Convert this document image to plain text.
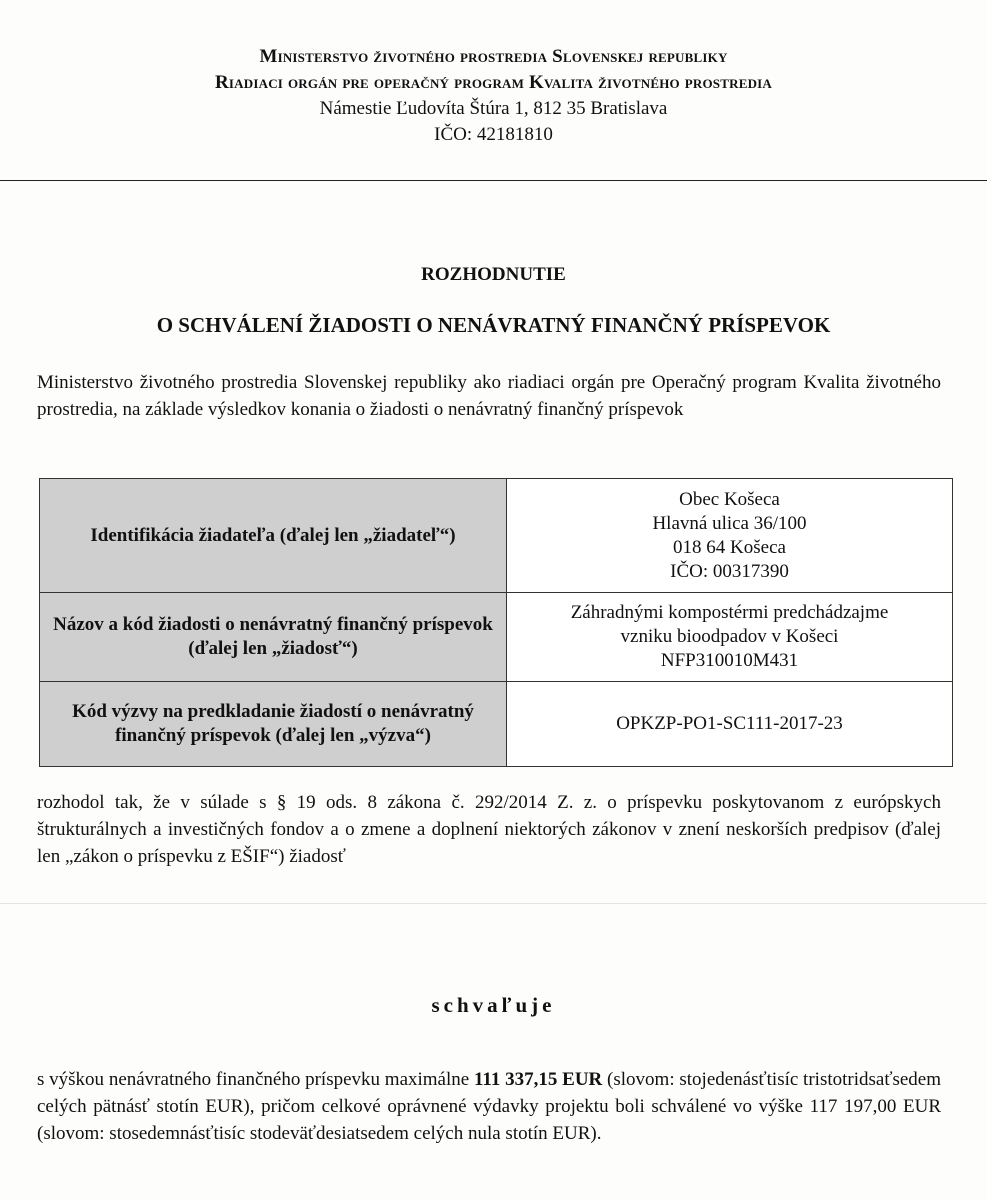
Ministerstvo životného prostredia Slovenskej republiky
Riadiaci orgán pre operačný program Kvalita životného prostredia
Námestie Ľudovíta Štúra 1, 812 35 Bratislava
IČO: 42181810
ROZHODNUTIE
O SCHVÁLENÍ ŽIADOSTI O NENÁVRATNÝ FINANČNÝ PRÍSPEVOK
Ministerstvo životného prostredia Slovenskej republiky ako riadiaci orgán pre Operačný program Kvalita životného prostredia, na základe výsledkov konania o žiadosti o nenávratný finančný príspevok
Identifikácia žiadateľa (ďalej len „žiadateľ“)	Obec Košeca
Hlavná ulica 36/100
018 64 Košeca
IČO: 00317390

Názov a kód žiadosti o nenávratný finančný príspevok (ďalej len „žiadosť“)	Záhradnými kompostérmi predchádzajme
vzniku bioodpadov v Košeci
NFP310010M431

Kód výzvy na predkladanie žiadostí o nenávratný finančný príspevok (ďalej len „výzva“)	OPKZP-PO1-SC111-2017-23
rozhodol tak, že v súlade s § 19 ods. 8 zákona č. 292/2014 Z. z. o príspevku poskytovanom z európskych štrukturálnych a investičných fondov a o zmene a doplnení niektorých zákonov v znení neskorších predpisov (ďalej len „zákon o príspevku z EŠIF“) žiadosť
schvaľuje
s výškou nenávratného finančného príspevku maximálne 111 337,15 EUR (slovom: stojedenásťtisíc tristotridsaťsedem celých pätnásť stotín EUR), pričom celkové oprávnené výdavky projektu boli schválené vo výške 117 197,00 EUR (slovom: stosedemnásťtisíc stodeväťdesiatsedem celých nula stotín EUR).
